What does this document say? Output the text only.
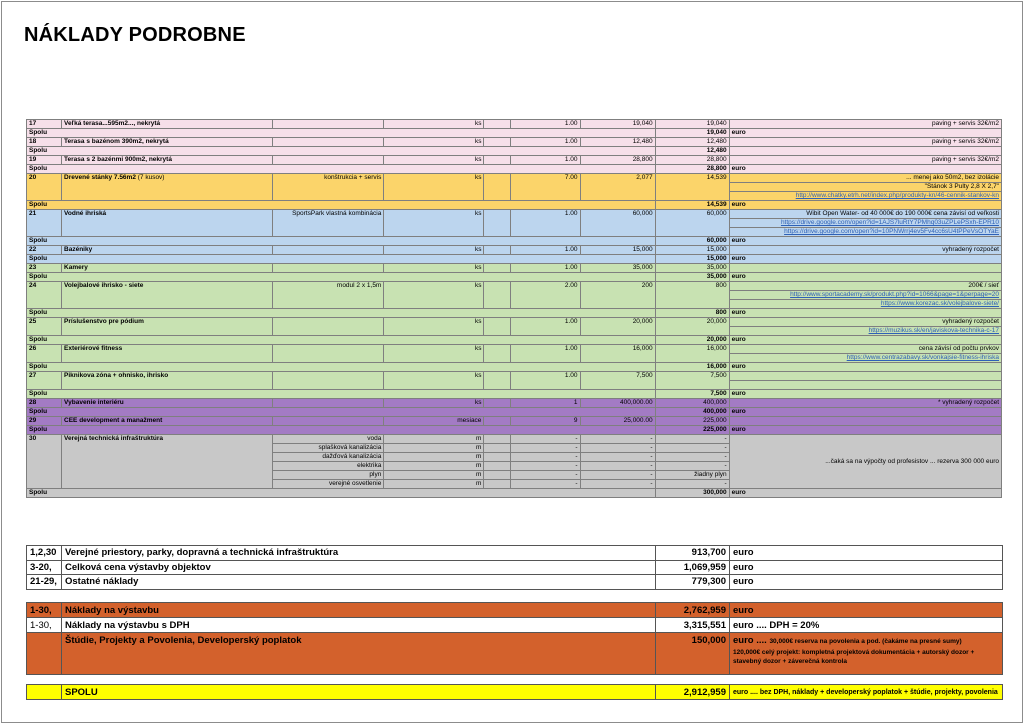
NÁKLADY PODROBNE
17	Veľká terasa...595m2..., nekrytá		ks		1.00	19,040	19,040	paving + servis 32€/m2
Spolu							19,040	euro
18	Terasa s bazénom 390m2, nekrytá		ks		1.00	12,480	12,480	paving + servis 32€/m2
Spolu							12,480	
19	Terasa s 2 bazénmi 900m2, nekrytá		ks		1.00	28,800	28,800	paving + servis 32€/m2
Spolu							28,800	euro
20	Drevené stánky 7.56m2 (7 kusov)	konštrukcia + servis	ks		7.00	2,077	14,539	... menej ako 50m2, bez izolácie
								"Stánok 3 Pulty 2,8 X 2,7"
								http://www.chatky.etrh.net/index.php/produkty-kn/46-cennik-stankov-kn
Spolu							14,539	euro
21	Vodné ihriská	SportsPark vlastná kombinácia	ks		1.00	60,000	60,000	Wibit Open Water- od 40 000€ do 190 000€ cena závisí od veľkosti
								https://drive.google.com/open?id=1AJS7luRtY7PMhq03uZPLePSxh-EPR10
								https://drive.google.com/open?id=10PNWrrj4ev5Fv4cc6sU4tPPeVsOTYaE
Spolu							60,000	euro
22	Bazéniky		ks		1.00	15,000	15,000	vyhradený rozpočet
Spolu							15,000	euro
23	Kamery		ks		1.00	35,000	35,000	
Spolu							35,000	euro
24	Volejbalové ihrisko - siete	modul 2 x 1,5m	ks		2.00	200	800	200€ / sieť
								http://www.sportacademy.sk/produkt.php?id=1066&page=1&perpage=20
								https://www.korezac.sk/volejbalove-siete/
Spolu							800	euro
25	Príslušenstvo pre pódium		ks		1.00	20,000	20,000	vyhradený rozpočet
								https://muzikus.sk/en/javiskova-technika-c-17
Spolu							20,000	euro
26	Exteriérové fitness		ks		1.00	16,000	16,000	cena závisí od počtu prvkov
								https://www.centrazabavy.sk/vonkajsie-fitness-ihriska
Spolu							16,000	euro
27	Piknikova zóna + ohnisko, ihrisko		ks		1.00	7,500	7,500	

Spolu							7,500	euro
28	Vybavenie interiéru		ks		1	400,000.00	400,000	* vyhradený rozpočet
Spolu							400,000	euro
29	CEE development a manažment		mesiace		9	25,000.00	225,000	
Spolu							225,000	euro
30	Verejná technická infraštruktúra	voda	m		-	-	-	...čaká sa na výpočty od profesistov ... rezerva 300 000 euro
		splašková kanalizácia	m		-	-	-	
		dažďová kanalizácia	m		-	-	-	
		elektrika	m		-	-	-	
		plyn	m		-	-	žiadny plyn	
		verejné osvetlenie	m		-	-	-	
Spolu							300,000	euro
1,2,30	Verejné priestory, parky, dopravná a technická infraštruktúra	913,700	euro
3-20,	Celková cena výstavby objektov	1,069,959	euro
21-29,	Ostatné náklady	779,300	euro
1-30,	Náklady na výstavbu	2,762,959	euro
1-30,	Náklady na výstavbu s DPH	3,315,551	euro .... DPH = 20%
	Štúdie, Projekty a Povolenia, Developerský poplatok	150,000	euro .... 30,000€ reserva na povolenia a pod. (čakáme na presné sumy)
120,000€ celý projekt: kompletná projektová dokumentácia + autorský dozor + stavebný dozor + záverečná kontrola

	SPOLU	2,912,959	euro .... bez DPH, náklady + developerský poplatok + štúdie, projekty, povolenia
